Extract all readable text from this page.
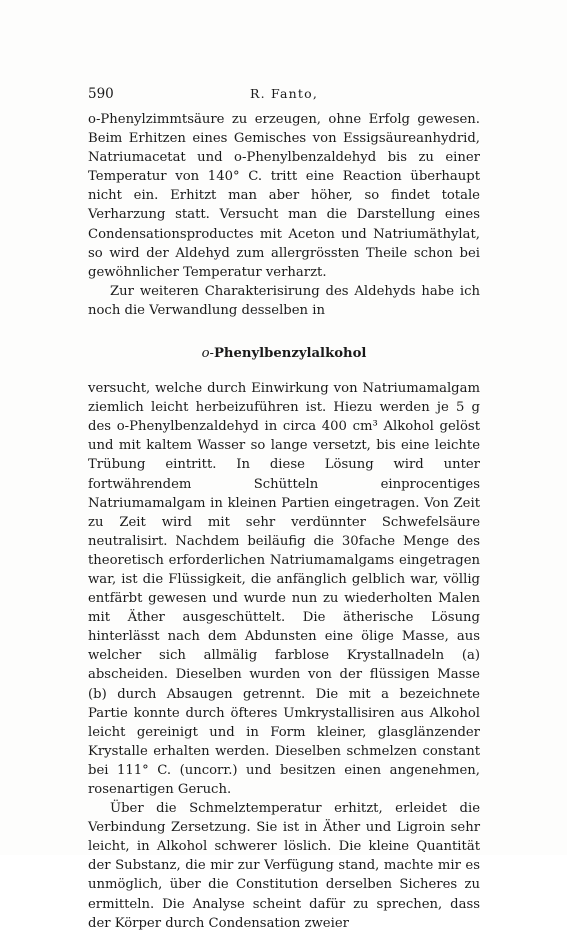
590	R. Fanto,

o-Phenylzimmtsäure zu erzeugen, ohne Erfolg gewesen. Beim Erhitzen eines Gemisches von Essigsäureanhydrid, Natriumacetat und o-Phenylbenzaldehyd bis zu einer Temperatur von 140° C. tritt eine Reaction überhaupt nicht ein. Erhitzt man aber höher, so findet totale Verharzung statt. Versucht man die Darstellung eines Condensationsproductes mit Aceton und Natriumäthylat, so wird der Aldehyd zum allergrössten Theile schon bei gewöhnlicher Temperatur verharzt.

Zur weiteren Charakterisirung des Aldehyds habe ich noch die Verwandlung desselben in

o-Phenylbenzylalkohol

versucht, welche durch Einwirkung von Natriumamalgam ziemlich leicht herbeizuführen ist. Hiezu werden je 5 g des o-Phenylbenzaldehyd in circa 400 cm³ Alkohol gelöst und mit kaltem Wasser so lange versetzt, bis eine leichte Trübung eintritt. In diese Lösung wird unter fortwährendem Schütteln einprocentiges Natriumamalgam in kleinen Partien eingetragen. Von Zeit zu Zeit wird mit sehr verdünnter Schwefelsäure neutralisirt. Nachdem beiläufig die 30fache Menge des theoretisch erforderlichen Natriumamalgams eingetragen war, ist die Flüssigkeit, die anfänglich gelblich war, völlig entfärbt gewesen und wurde nun zu wiederholten Malen mit Äther ausgeschüttelt. Die ätherische Lösung hinterlässt nach dem Abdunsten eine ölige Masse, aus welcher sich allmälig farblose Krystallnadeln (a) abscheiden. Dieselben wurden von der flüssigen Masse (b) durch Absaugen getrennt. Die mit a bezeichnete Partie konnte durch öfteres Umkrystallisiren aus Alkohol leicht gereinigt und in Form kleiner, glasglänzender Krystalle erhalten werden. Dieselben schmelzen constant bei 111° C. (uncorr.) und besitzen einen angenehmen, rosenartigen Geruch.

Über die Schmelztemperatur erhitzt, erleidet die Verbindung Zersetzung. Sie ist in Äther und Ligroin sehr leicht, in Alkohol schwerer löslich. Die kleine Quantität der Substanz, die mir zur Verfügung stand, machte mir es unmöglich, über die Constitution derselben Sicheres zu ermitteln. Die Analyse scheint dafür zu sprechen, dass der Körper durch Condensation zweier
